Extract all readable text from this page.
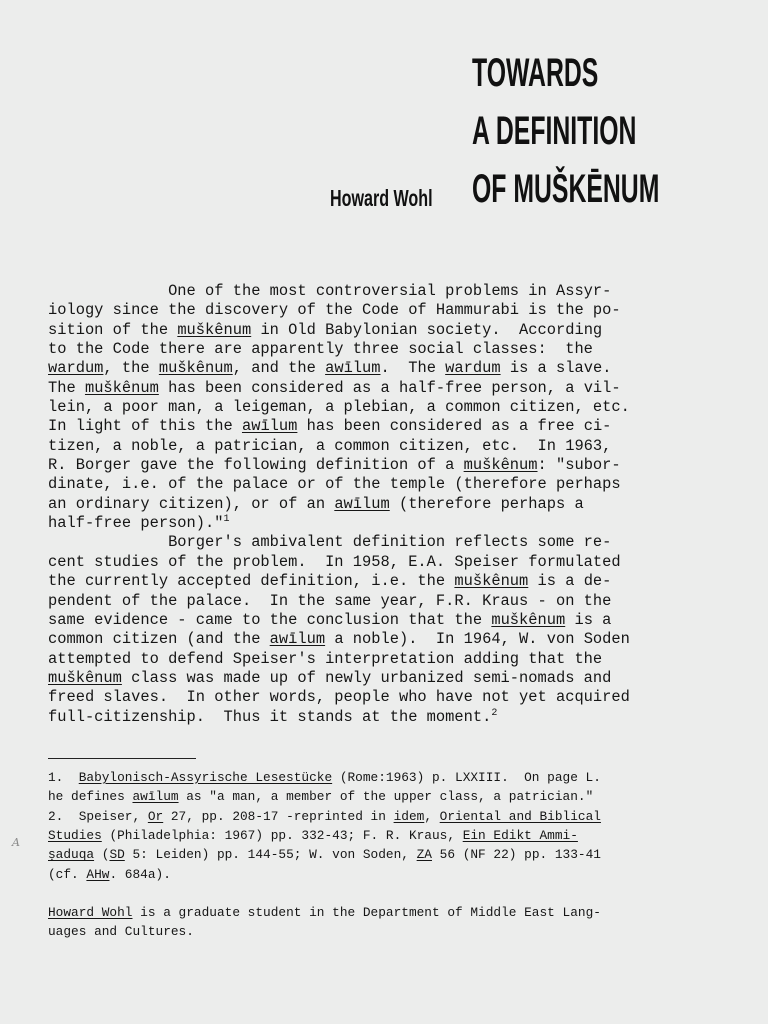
TOWARDS
A DEFINITION
OF MUŠKĒNUM
Howard Wohl
One of the most controversial problems in Assyr-
iology since the discovery of the Code of Hammurabi is the po-
sition of the muškênum in Old Babylonian society.  According
to the Code there are apparently three social classes:  the
wardum, the muškênum, and the awīlum.  The wardum is a slave.
The muškênum has been considered as a half-free person, a vil-
lein, a poor man, a leigeman, a plebian, a common citizen, etc.
In light of this the awīlum has been considered as a free ci-
tizen, a noble, a patrician, a common citizen, etc.  In 1963,
R. Borger gave the following definition of a muškênum: "subor-
dinate, i.e. of the palace or of the temple (therefore perhaps
an ordinary citizen), or of an awīlum (therefore perhaps a
half-free person)."$^1$
Borger's ambivalent definition reflects some re-
cent studies of the problem.  In 1958, E.A. Speiser formulated
the currently accepted definition, i.e. the muškênum is a de-
pendent of the palace.  In the same year, F.R. Kraus - on the
same evidence - came to the conclusion that the muškênum is a
common citizen (and the awīlum a noble).  In 1964, W. von Soden
attempted to defend Speiser's interpretation adding that the
muškênum class was made up of newly urbanized semi-nomads and
freed slaves.  In other words, people who have not yet acquired
full-citizenship.  Thus it stands at the moment.$^2$
1.  Babylonisch-Assyrische Lesestücke (Rome:1963) p. LXXIII.  On page L.
he defines awīlum as "a man, a member of the upper class, a patrician."
2.  Speiser, Or 27, pp. 208-17 -reprinted in idem, Oriental and Biblical
Studies (Philadelphia: 1967) pp. 332-43; F. R. Kraus, Ein Edikt Ammi-
ṣaduqa (SD 5: Leiden) pp. 144-55; W. von Soden, ZA 56 (NF 22) pp. 133-41
(cf. AHw. 684a).
Howard Wohl is a graduate student in the Department of Middle East Lang-
uages and Cultures.
A
